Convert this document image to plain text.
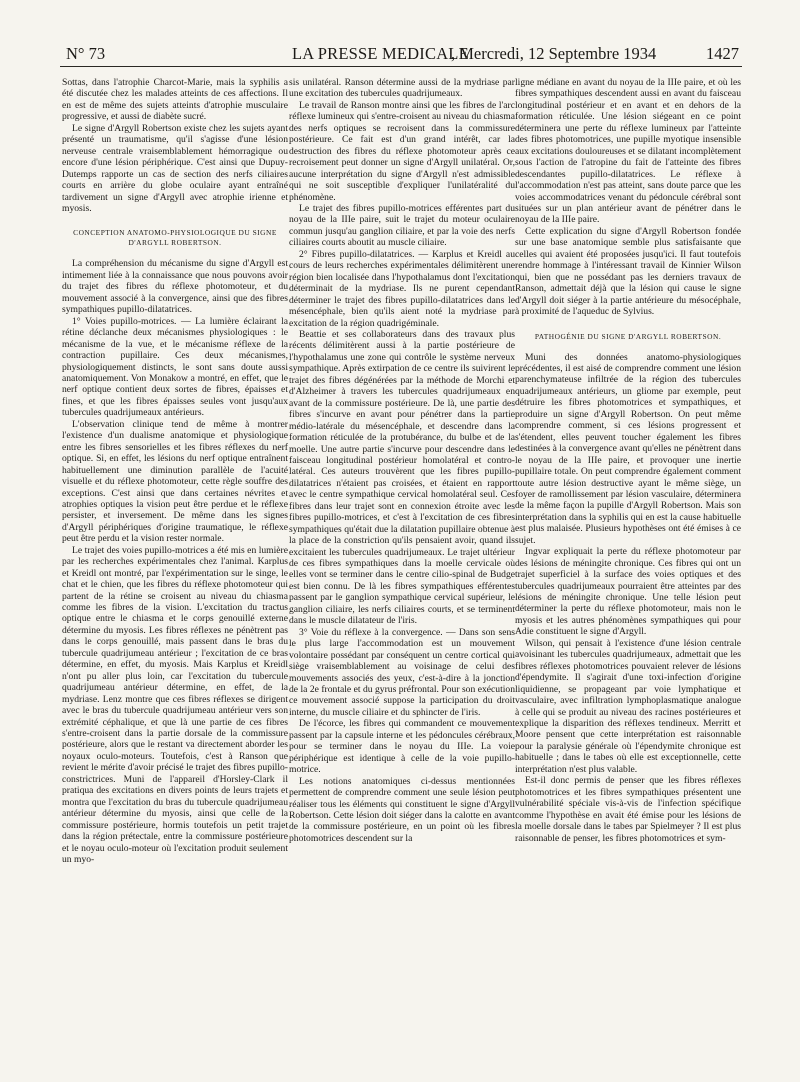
N° 73	LA PRESSE MEDICALE
, Mercredi, 12 Septembre 1934	1427

Sottas, dans l'atrophie Charcot-Marie, mais la syphilis a été discutée chez les malades atteints de ces affections. Il en est de même des sujets atteints d'atrophie musculaire progressive, et aussi de diabète sucré.

Le signe d'Argyll Robertson existe chez les sujets ayant présenté un traumatisme, qu'il s'agisse d'une lésion nerveuse centrale vraisemblablement hémorragique ou encore d'une lésion périphérique. C'est ainsi que Dupuy-Dutemps rapporte un cas de section des nerfs ciliaires courts en arrière du globe oculaire ayant entraîné tardivement un signe d'Argyll avec atrophie irienne et myosis.

CONCEPTION ANATOMO-PHYSIOLOGIQUE DU SIGNE D'ARGYLL ROBERTSON.

La compréhension du mécanisme du signe d'Argyll est intimement liée à la connaissance que nous pouvons avoir du trajet des fibres du réflexe photomoteur, et du mouvement associé à la convergence, ainsi que des fibres sympathiques pupillo-dilatatrices.

1° Voies pupillo-motrices. — La lumière éclairant la rétine déclanche deux mécanismes physiologiques : le mécanisme de la vue, et le mécanisme réflexe de la contraction pupillaire. Ces deux mécanismes, physiologiquement distincts, le sont sans doute aussi anatomiquement. Von Monakow a montré, en effet, que le nerf optique contient deux sortes de fibres, épaisses et fines, et que les fibres épaisses seules vont jusqu'aux tubercules quadrijumeaux antérieurs.

L'observation clinique tend de même à montrer l'existence d'un dualisme anatomique et physiologique entre les fibres sensorielles et les fibres réflexes du nerf optique. Si, en effet, les lésions du nerf optique entraînent habituellement une diminution parallèle de l'acuité visuelle et du réflexe photomoteur, cette règle souffre des exceptions. C'est ainsi que dans certaines névrites et atrophies optiques la vision peut être perdue et le réflexe persister, et inversement. De même dans les signes d'Argyll périphériques d'origine traumatique, le réflexe peut être perdu et la vision rester normale.

Le trajet des voies pupillo-motrices a été mis en lumière par les recherches expérimentales chez l'animal. Karplus et Kreidl ont montré, par l'expérimentation sur le singe, le chat et le chien, que les fibres du réflexe photomoteur qui partent de la rétine se croisent au niveau du chiasma comme les fibres de la vision. L'excitation du tractus optique entre le chiasma et le corps genouillé externe détermine du myosis. Les fibres réflexes ne pénètrent pas dans le corps genouillé, mais passent dans le bras du tubercule quadrijumeau antérieur ; l'excitation de ce bras détermine, en effet, du myosis. Mais Karplus et Kreidl n'ont pu aller plus loin, car l'excitation du tubercule quadrijumeau antérieur détermine, en effet, de la mydriase. Lenz montre que ces fibres réflexes se dirigent avec le bras du tubercule quadrijumeau antérieur vers son extrémité céphalique, et que là une partie de ces fibres s'entre-croisent dans la partie dorsale de la commissure postérieure, alors que le restant va directement aborder les noyaux oculo-moteurs. Toutefois, c'est à Ranson que revient le mérite d'avoir précisé le trajet des fibres pupillo-constrictrices. Muni de l'appareil d'Horsley-Clark il pratiqua des excitations en divers points de leurs trajets et montra que l'excitation du bras du tubercule quadrijumeau antérieur détermine du myosis, ainsi que celle de la commissure postérieure, hormis toutefois un petit trajet dans la région prétectale, entre la commissure postérieure et le noyau oculo-moteur où l'excitation produit seulement un myo-

sis unilatéral. Ranson détermine aussi de la mydriase par une excitation des tubercules quadrijumeaux.

Le travail de Ranson montre ainsi que les fibres de l'arc réflexe lumineux qui s'entre-croisent au niveau du chiasma des nerfs optiques se recroisent dans la commissure postérieure. Ce fait est d'un grand intérêt, car la destruction des fibres du réflexe photomoteur après ce recroisement peut donner un signe d'Argyll unilatéral. Or, aucune interprétation du signe d'Argyll n'est admissible qui ne soit susceptible d'expliquer l'unilatéralité du phénomène.

Le trajet des fibres pupillo-motrices efférentes part du noyau de la IIIe paire, suit le trajet du moteur oculaire commun jusqu'au ganglion ciliaire, et par la voie des nerfs ciliaires courts aboutit au muscle ciliaire.

2° Fibres pupillo-dilatatrices. — Karplus et Kreidl au cours de leurs recherches expérimentales délimitèrent une région bien localisée dans l'hypothalamus dont l'excitation déterminait de la mydriase. Ils ne purent cependant déterminer le trajet des fibres pupillo-dilatatrices dans le mésencéphale, bien qu'ils aient noté la mydriase par excitation de la région quadrigéminale.

Beattie et ses collaborateurs dans des travaux plus récents délimitèrent aussi à la partie postérieure de l'hypothalamus une zone qui contrôle le système nerveux sympathique. Après extirpation de ce centre ils suivirent le trajet des fibres dégénérées par la méthode de Morchi et d'Alzheimer à travers les tubercules quadrijumeaux en avant de la commissure postérieure. De là, une partie des fibres s'incurve en avant pour pénétrer dans la partie médio-latérale du mésencéphale, et descendre dans la formation réticulée de la protubérance, du bulbe et de la moelle. Une autre partie s'incurve pour descendre dans le faisceau longitudinal postérieur homolatéral et contro-latéral. Ces auteurs trouvèrent que les fibres pupillo-dilatatrices n'étaient pas croisées, et étaient en rapport avec le centre sympathique cervical homolatéral seul. Ces fibres dans leur trajet sont en connexion étroite avec les fibres pupillo-motrices, et c'est à l'excitation de ces fibres sympathiques qu'était due la dilatation pupillaire obtenue à la place de la constriction qu'ils pensaient avoir, quand ils excitaient les tubercules quadrijumeaux. Le trajet ultérieur de ces fibres sympathiques dans la moelle cervicale où elles vont se terminer dans le centre cilio-spinal de Budge est bien connu. De là les fibres sympathiques efférentes passent par le ganglion sympathique cervical supérieur, le ganglion ciliaire, les nerfs ciliaires courts, et se terminent dans le muscle dilatateur de l'iris.

3° Voie du réflexe à la convergence. — Dans son sens le plus large l'accommodation est un mouvement volontaire possédant par conséquent un centre cortical qui siège vraisemblablement au voisinage de celui des mouvements associés des yeux, c'est-à-dire à la jonction de la 2e frontale et du gyrus préfrontal. Pour son exécution ce mouvement associé suppose la participation du droit interne, du muscle ciliaire et du sphincter de l'iris.

De l'écorce, les fibres qui commandent ce mouvement passent par la capsule interne et les pédoncules cérébraux, pour se terminer dans le noyau du IIIe. La voie périphérique est identique à celle de la voie pupillo-motrice.

Les notions anatomiques ci-dessus mentionnées permettent de comprendre comment une seule lésion peut réaliser tous les éléments qui constituent le signe d'Argyll Robertson. Cette lésion doit siéger dans la calotte en avant de la commissure postérieure, en un point où les fibres photomotrices descendent sur la

ligne médiane en avant du noyau de la IIIe paire, et où les fibres sympathiques descendent aussi en avant du faisceau longitudinal postérieur et en avant et en dehors de la formation réticulée. Une lésion siégeant en ce point déterminera une perte du réflexe lumineux par l'atteinte des fibres photomotrices, une pupille myotique insensible aux excitations douloureuses et se dilatant incomplètement sous l'action de l'atropine du fait de l'atteinte des fibres descendantes pupillo-dilatatrices. Le réflexe à l'accommodation n'est pas atteint, sans doute parce que les voies accommodatrices venant du pédoncule cérébral sont situées sur un plan antérieur avant de pénétrer dans le noyau de la IIIe paire.

Cette explication du signe d'Argyll Robertson fondée sur une base anatomique semble plus satisfaisante que celles qui avaient été proposées jusqu'ici. Il faut toutefois rendre hommage à l'intéressant travail de Kinnier Wilson qui, bien que ne possédant pas les derniers travaux de Ranson, admettait déjà que la lésion qui cause le signe d'Argyll doit siéger à la partie antérieure du mésocéphale, à proximité de l'aqueduc de Sylvius.

PATHOGÉNIE DU SIGNE D'ARGYLL ROBERTSON.

Muni des données anatomo-physiologiques précédentes, il est aisé de comprendre comment une lésion parenchymateuse infiltrée de la région des tubercules quadrijumeaux antérieurs, un gliome par exemple, peut détruire les fibres photomotrices et sympathiques, et produire un signe d'Argyll Robertson. On peut même comprendre comment, si ces lésions progressent et s'étendent, elles peuvent toucher également les fibres destinées à la convergence avant qu'elles ne pénètrent dans le noyau de la IIIe paire, et provoquer une inertie pupillaire totale. On peut comprendre également comment toute autre lésion destructive ayant le même siège, un foyer de ramollissement par lésion vasculaire, déterminera de la même façon la pupille d'Argyll Robertson. Mais son interprétation dans la syphilis qui en est la cause habituelle est plus malaisée. Plusieurs hypothèses ont été émises à ce sujet.

Ingvar expliquait la perte du réflexe photomoteur par des lésions de méningite chronique. Ces fibres qui ont un trajet superficiel à la surface des voies optiques et des tubercules quadrijumeaux pourraient être atteintes par des lésions de méningite chronique. Une telle lésion peut déterminer la perte du réflexe photomoteur, mais non le myosis et les autres phénomènes sympathiques qui pour Adie constituent le signe d'Argyll.

Wilson, qui pensait à l'existence d'une lésion centrale avoisinant les tubercules quadrijumeaux, admettait que les fibres réflexes photomotrices pouvaient relever de lésions d'épendymite. Il s'agirait d'une toxi-infection d'origine liquidienne, se propageant par voie lymphatique et vasculaire, avec infiltration lymphoplasmatique analogue à celle qui se produit au niveau des racines postérieures et explique la disparition des réflexes tendineux. Merritt et Moore pensent que cette interprétation est raisonnable pour la paralysie générale où l'épendymite chronique est habituelle ; dans le tabes où elle est exceptionnelle, cette interprétation n'est plus valable.

Est-il donc permis de penser que les fibres réflexes photomotrices et les fibres sympathiques présentent une vulnérabilité spéciale vis-à-vis de l'infection spécifique comme l'hypothèse en avait été émise pour les lésions de la moelle dorsale dans le tabes par Spielmeyer ? Il est plus raisonnable de penser, les fibres photomotrices et sym-
